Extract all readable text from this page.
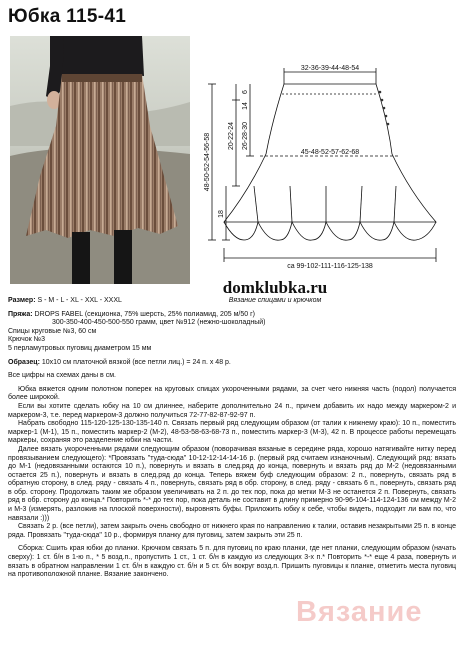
Юбка 115-41
32-36-39-44-48-54
45-48-52-57-62-68
ca 99-102-111-116-125-138
48-50-52-54-56-58 20-22-24 26-28-30
6
14
18
domklubka.ru
Вязание спицами и крючком
Размер: S - M - L - XL - XXL - XXXL
Пряжа: DROPS FABEL (секционка, 75% шерсть, 25% полиамид, 205 м/50 г)
300-350-400-450-500-550 грамм, цвет №912 (нежно-шоколадный)
Спицы круговые №3, 60 см
Крючок №3
5 перламутровых пуговиц диаметром 15 мм
Образец: 10x10 см платочной вязкой (все петли лиц.) = 24 п. х 48 р.
Все цифры на схемах даны в см.
Юбка вяжется одним полотном поперек на круговых спицах укороченными рядами, за счет чего нижняя часть (подол) получается более широкой.
Если вы хотите сделать юбку на 10 см длиннее, наберите дополнительно 24 п., причем добавить их надо между маркером-2 и маркером-3, т.е. перед маркером-3 должно получиться 72-77-82-87-92-97 п.
Набрать свободно 115-120-125-130-135-140 п. Связать первый ряд следующим образом (от талии к нижнему краю): 10 п., поместить маркер-1 (M-1), 15 п., поместить маркер-2 (M-2), 48-53-58-63-68-73 п., поместить маркер-3 (M-3), 42 п. В процессе работы перемещать маркеры, сохраняя это разделение юбки на части.
Далее вязать укороченными рядами следующим образом (поворачивая вязаные в середине ряда, хорошо натягивайте нитку перед провязыванием следующего): *Провязать "туда-сюда" 10-12-12-14-14-16 р. (первый ряд считаем изнаночным). Следующий ряд: вязать до М-1 (недовязанными остаются 10 п.), повернуть и вязать в след.ряд до конца, повернуть и вязать ряд до М-2 (недовязанными остается 25 п.), повернуть и вязать в след.ряд до конца. Теперь вяжем буф следующим образом: 2 п., повернуть, связать ряд в обратную сторону, в след. ряду - связать 4 п., повернуть, связать ряд в обр. сторону, в след. ряду - связать 6 п., повернуть, связать ряд в обр. сторону. Продолжать таким же образом увеличивать на 2 п. до тех пор, пока до метки М-3 не останется 2 п. Повернуть, связать ряд в обр. сторону до конца.* Повторить *-* до тех пор, пока деталь не составит в длину примерно 90-96-104-114-124-136 см между М-2 и М-3 (измерять, разложив на плоской поверхности), выровнять буфы. Приложить юбку к себе, чтобы видеть, подходит ли вам по, что навязали :)))
Связать 2 р. (все петли), затем закрыть очень свободно от нижнего края по направлению к талии, оставив незакрытыми 25 п. в конце ряда. Провязать "туда-сюда" 10 р., формируя планку для пуговиц, затем закрыть эти 25 п.
Сборка: Сшить края юбки до планки. Крючком связать 5 п. для пуговиц по краю планки, где нет планки, следующим образом (начать сверху): 1 ст. б/н в 1-ю п., * 5 возд.п., пропустить 1 ст., 1 ст. б/н в каждую из следующих 3-х п.* Повторить *-* еще 4 раза, повернуть и вязать в обратном направлении 1 ст. б/н в каждую ст. б/н и 5 ст. б/н вокруг возд.п. Пришить пуговицы к планке, отметить места пуговиц на противоположной планке. Вязание закончено.
Вязание
